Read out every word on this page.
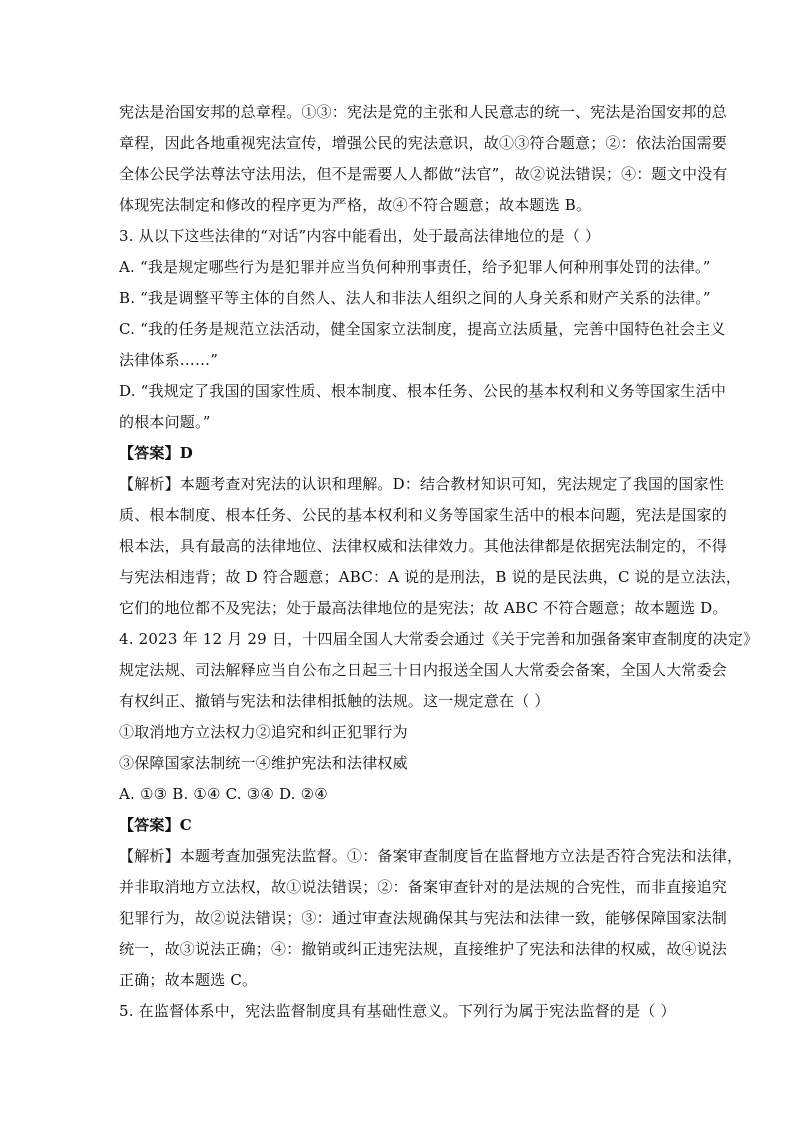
宪法是治国安邦的总章程。①③：宪法是党的主张和人民意志的统一、宪法是治国安邦的总
章程，因此各地重视宪法宣传，增强公民的宪法意识，故①③符合题意；②：依法治国需要
全体公民学法尊法守法用法，但不是需要人人都做“法官”，故②说法错误；④：题文中没有
体现宪法制定和修改的程序更为严格，故④不符合题意；故本题选 B。
3. 从以下这些法律的“对话”内容中能看出，处于最高法律地位的是（ ）
A. “我是规定哪些行为是犯罪并应当负何种刑事责任，给予犯罪人何种刑事处罚的法律。”
B. “我是调整平等主体的自然人、法人和非法人组织之间的人身关系和财产关系的法律。”
C. “我的任务是规范立法活动，健全国家立法制度，提高立法质量，完善中国特色社会主义
法律体系……”
D. “我规定了我国的国家性质、根本制度、根本任务、公民的基本权利和义务等国家生活中
的根本问题。”
【答案】D
【解析】本题考查对宪法的认识和理解。D：结合教材知识可知，宪法规定了我国的国家性
质、根本制度、根本任务、公民的基本权利和义务等国家生活中的根本问题，宪法是国家的
根本法，具有最高的法律地位、法律权威和法律效力。其他法律都是依据宪法制定的，不得
与宪法相违背；故 D 符合题意；ABC：A 说的是刑法，B 说的是民法典，C 说的是立法法，
它们的地位都不及宪法；处于最高法律地位的是宪法；故 ABC 不符合题意；故本题选 D。
4. 2023 年 12 月 29 日，十四届全国人大常委会通过《关于完善和加强备案审查制度的决定》
规定法规、司法解释应当自公布之日起三十日内报送全国人大常委会备案，全国人大常委会
有权纠正、撤销与宪法和法律相抵触的法规。这一规定意在（ ）
①取消地方立法权力②追究和纠正犯罪行为
③保障国家法制统一④维护宪法和法律权威
A. ①③ B. ①④ C. ③④ D. ②④
【答案】C
【解析】本题考查加强宪法监督。①：备案审查制度旨在监督地方立法是否符合宪法和法律，
并非取消地方立法权，故①说法错误；②：备案审查针对的是法规的合宪性，而非直接追究
犯罪行为，故②说法错误；③：通过审查法规确保其与宪法和法律一致，能够保障国家法制
统一，故③说法正确；④：撤销或纠正违宪法规，直接维护了宪法和法律的权威，故④说法
正确；故本题选 C。
5. 在监督体系中，宪法监督制度具有基础性意义。下列行为属于宪法监督的是（ ）
